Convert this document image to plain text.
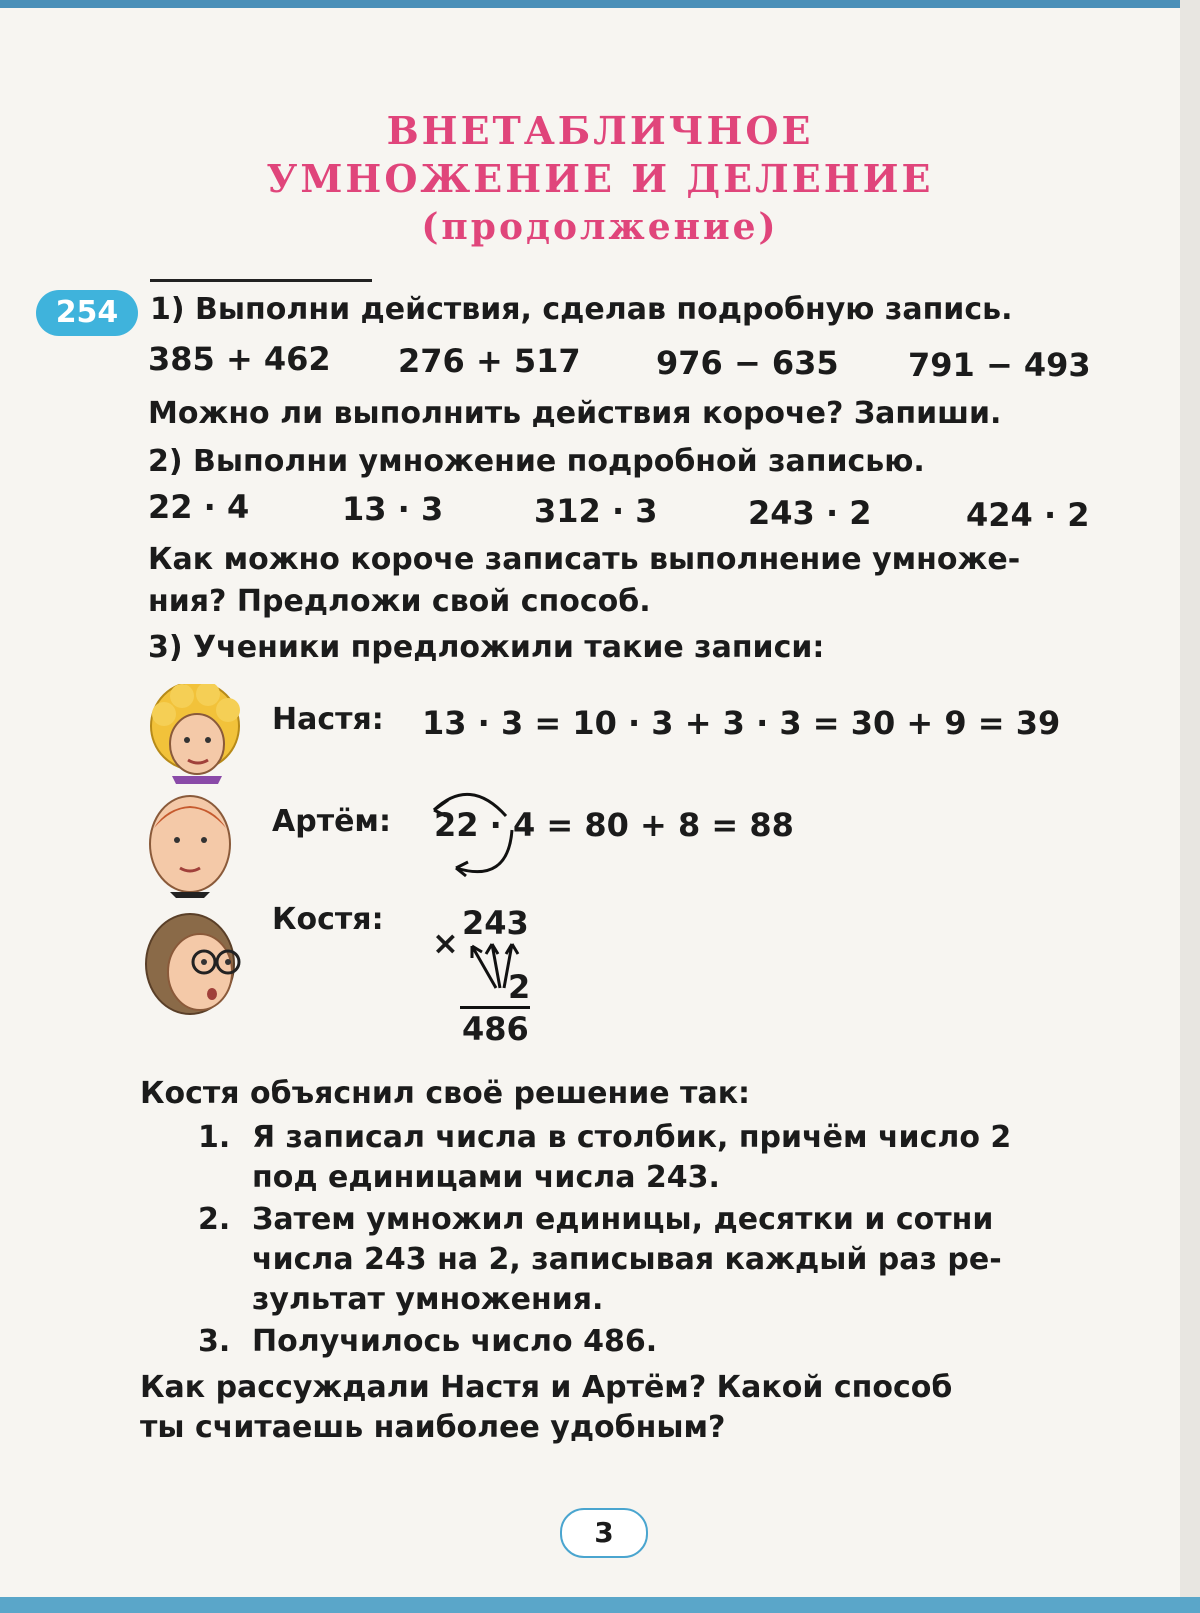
ВНЕТАБЛИЧНОЕ
УМНОЖЕНИЕ И ДЕЛЕНИЕ
(продолжение)
254	1) Выполни действия, сделав подробную запись.
385 + 462 276 + 517 976 − 635 791 − 493
Можно ли выполнить действия короче? Запиши.
2) Выполни умножение подробной записью.
22 · 4	13 · 3	312 · 3	243 · 2	424 · 2
Как можно короче записать выполнение умноже-
ния? Предложи свой способ.
3) Ученики предложили такие записи:
Настя: 13 · 3 = 10 · 3 + 3 · 3 = 30 + 9 = 39
Артём: 22 · 4 = 80 + 8 = 88
Костя:
×
243
2
486
Костя объяснил своё решение так:
1. Я записал числа в столбик, причём число 2
под единицами числа 243.
2. Затем умножил единицы, десятки и сотни
числа 243 на 2, записывая каждый раз ре-
зультат умножения.
3. Получилось число 486.
Как рассуждали Настя и Артём? Какой способ
ты считаешь наиболее удобным?
3
